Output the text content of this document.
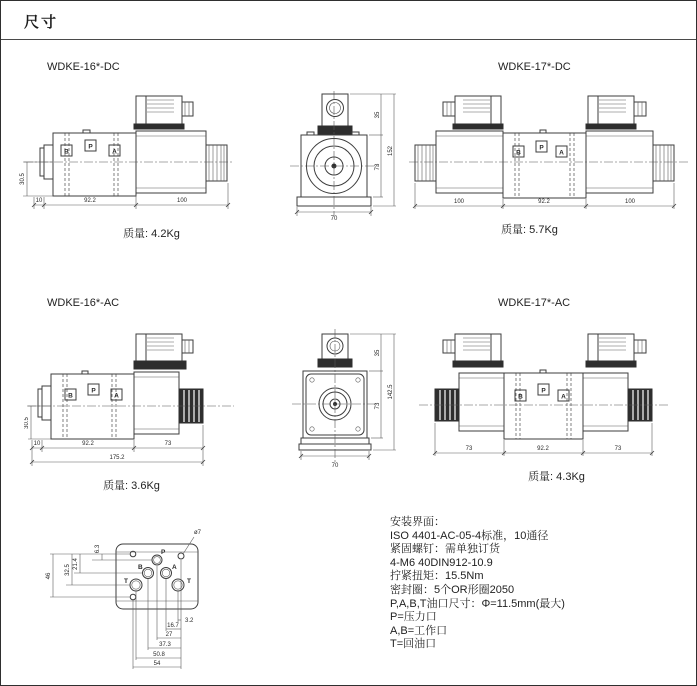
尺寸
WDKE-16*-DC	WDKE-17*-DC
WDKE-16*-AC	WDKE-17*-AC
B
P
A
10	92.2	100
30.5
质量: 4.2Kg
35
73
152
70
B
P
A
100	92.2	100
质量: 5.7Kg
B
P
A
10	92.2	73
175.2
30.5
质量: 3.6Kg
35
73
142.5
70
B
P
A
73	92.2	73
质量: 4.3Kg
P
B	A
T	T
ø7
3.2
16.7
27
37.3
50.8
54
6.3
21.4
32.5
46
安装界面：
ISO 4401-AC-05-4标准，10通径
紧固螺钉：需单独订货
4-M6 40DIN912-10.9
拧紧扭矩：15.5Nm
密封圈：5个OR形圈2050
P,A,B,T油口尺寸：Φ=11.5mm(最大)
P=压力口
A,B=工作口
T=回油口
